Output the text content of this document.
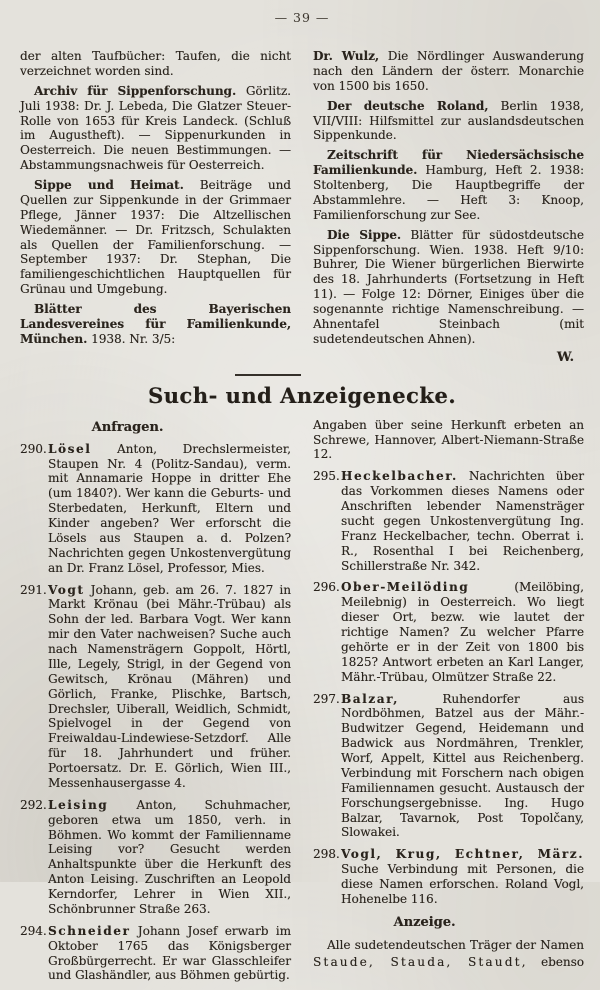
— 39 —

der alten Taufbücher: Taufen, die nicht verzeichnet worden sind.

Archiv für Sippenforschung. Görlitz. Juli 1938: Dr. J. Lebeda, Die Glatzer Steuer-Rolle von 1653 für Kreis Landeck. (Schluß im Augustheft). — Sippenurkunden in Oesterreich. Die neuen Bestimmungen. — Abstammungsnachweis für Oesterreich.

Sippe und Heimat. Beiträge und Quellen zur Sippenkunde in der Grimmaer Pflege, Jänner 1937: Die Altzellischen Wiedemänner. — Dr. Fritzsch, Schulakten als Quellen der Familienforschung. — September 1937: Dr. Stephan, Die familiengeschichtlichen Hauptquellen für Grünau und Umgebung.

Blätter des Bayerischen Landesvereines für Familienkunde, München. 1938. Nr. 3/5:

Dr. Wulz, Die Nördlinger Auswanderung nach den Ländern der österr. Monarchie von 1500 bis 1650.

Der deutsche Roland, Berlin 1938, VII/VIII: Hilfsmittel zur auslandsdeutschen Sippenkunde.

Zeitschrift für Niedersächsische Familienkunde. Hamburg, Heft 2. 1938: Stoltenberg, Die Hauptbegriffe der Abstammlehre. — Heft 3: Knoop, Familienforschung zur See.

Die Sippe. Blätter für südostdeutsche Sippenforschung. Wien. 1938. Heft 9/10: Buhrer, Die Wiener bürgerlichen Bierwirte des 18. Jahrhunderts (Fortsetzung in Heft 11). — Folge 12: Dörner, Einiges über die sogenannte richtige Namenschreibung. — Ahnentafel Steinbach (mit sudetendeutschen Ahnen).

W.
Such- und Anzeigenecke.
Anfragen.
290. Lösel Anton, Drechslermeister, Staupen Nr. 4 (Politz-Sandau), verm. mit Annamarie Hoppe in dritter Ehe (um 1840?). Wer kann die Geburts- und Sterbedaten, Herkunft, Eltern und Kinder angeben? Wer erforscht die Lösels aus Staupen a. d. Polzen? Nachrichten gegen Unkostenvergütung an Dr. Franz Lösel, Professor, Mies.
291. Vogt Johann, geb. am 26. 7. 1827 in Markt Krönau (bei Mähr.-Trübau) als Sohn der led. Barbara Vogt. Wer kann mir den Vater nachweisen? Suche auch nach Namensträgern Goppolt, Hörtl, Ille, Legely, Strigl, in der Gegend von Gewitsch, Krönau (Mähren) und Görlich, Franke, Plischke, Bartsch, Drechsler, Uiberall, Weidlich, Schmidt, Spielvogel in der Gegend von Freiwaldau-Lindewiese-Setzdorf. Alle für 18. Jahrhundert und früher. Portoersatz. Dr. E. Görlich, Wien III., Messenhausergasse 4.
292. Leising Anton, Schuhmacher, geboren etwa um 1850, verh. in Böhmen. Wo kommt der Familienname Leising vor? Gesucht werden Anhaltspunkte über die Herkunft des Anton Leising. Zuschriften an Leopold Kerndorfer, Lehrer in Wien XII., Schönbrunner Straße 263.
294. Schneider Johann Josef erwarb im Oktober 1765 das Königsberger Großbürgerrecht. Er war Glasschleifer und Glashändler, aus Böhmen gebürtig.

Angaben über seine Herkunft erbeten an Schrewe, Hannover, Albert-Niemann-Straße 12.

295. Heckelbacher. Nachrichten über das Vorkommen dieses Namens oder Anschriften lebender Namensträger sucht gegen Unkostenvergütung Ing. Franz Heckelbacher, techn. Oberrat i. R., Rosenthal I bei Reichenberg, Schillerstraße Nr. 342.
296. Ober-Meilöding	(Meilöbing, Meilebnig) in Oesterreich. Wo liegt dieser Ort, bezw. wie lautet der richtige Namen? Zu welcher Pfarre gehörte er in der Zeit von 1800 bis 1825? Antwort erbeten an Karl Langer, Mähr.-Trübau, Olmützer Straße 22.
297. Balzar,	Ruhendorfer aus Nordböhmen, Batzel aus der Mähr.-Budwitzer Gegend, Heidemann und Badwick aus Nordmähren, Trenkler, Worf, Appelt, Kittel aus Reichenberg. Verbindung mit Forschern nach obigen Familiennamen gesucht. Austausch der Forschungsergebnisse. Ing. Hugo Balzar, Tavarnok, Post Topolčany, Slowakei.
298. Vogl, Krug, Echtner, März. Suche Verbindung mit Personen, die diese Namen erforschen. Roland Vogl, Hohenelbe 116.
Anzeige.

Alle sudetendeutschen Träger der Namen Staude, Stauda, Staudt, ebenso
